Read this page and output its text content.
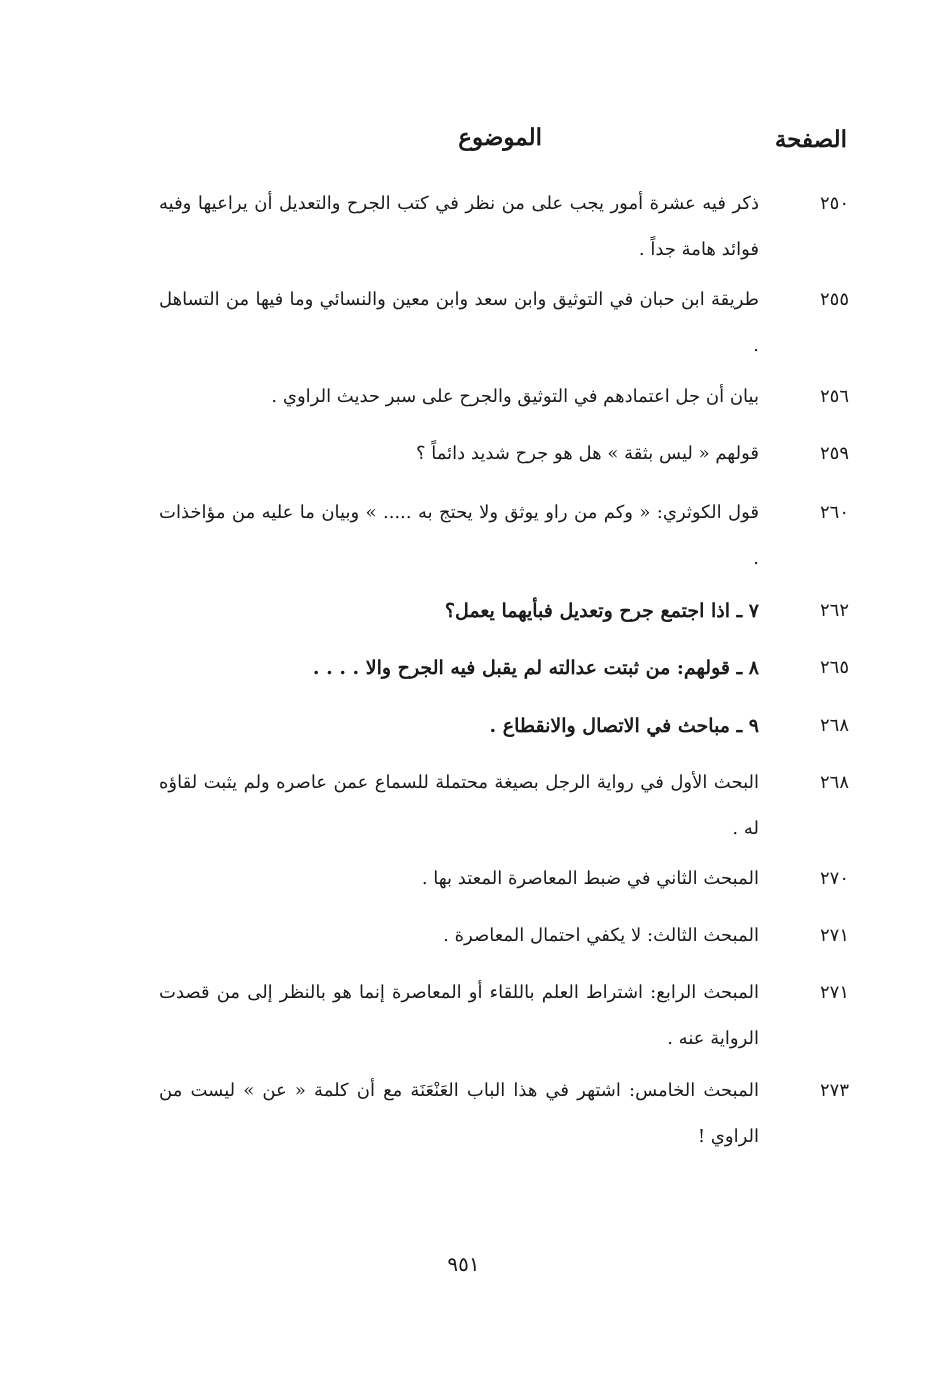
الصفحة
الموضوع
٢٥٠
ذكر فيه عشرة أمور يجب على من نظر في كتب الجرح والتعديل أن يراعيها وفيه فوائد هامة جداً .
٢٥٥
طريقة ابن حبان في التوثيق وابن سعد وابن معين والنسائي وما فيها من التساهل .
٢٥٦
بيان أن جل اعتمادهم في التوثيق والجرح على سبر حديث الراوي .
٢٥٩
قولهم « ليس بثقة » هل هو جرح شديد دائماً ؟
٢٦٠
قول الكوثري: « وكم من راو يوثق ولا يحتج به ..... » وبيان ما عليه من مؤاخذات .
٢٦٢
٧ ـ اذا اجتمع جرح وتعديل فبأيهما يعمل؟
٢٦٥
٨ ـ قولهم: من ثبتت عدالته لم يقبل فيه الجرح والا . . . .
٢٦٨
٩ ـ مباحث في الاتصال والانقطاع .
٢٦٨
البحث الأول في رواية الرجل بصيغة محتملة للسماع عمن عاصره ولم يثبت لقاؤه له .
٢٧٠
المبحث الثاني في ضبط المعاصرة المعتد بها .
٢٧١
المبحث الثالث: لا يكفي احتمال المعاصرة .
٢٧١
المبحث الرابع: اشتراط العلم باللقاء أو المعاصرة إنما هو بالنظر إلى من قصدت الرواية عنه .
٢٧٣
المبحث الخامس: اشتهر في هذا الباب العَنْعَنَة مع أن كلمة « عن » ليست من الراوي !
٩٥١
